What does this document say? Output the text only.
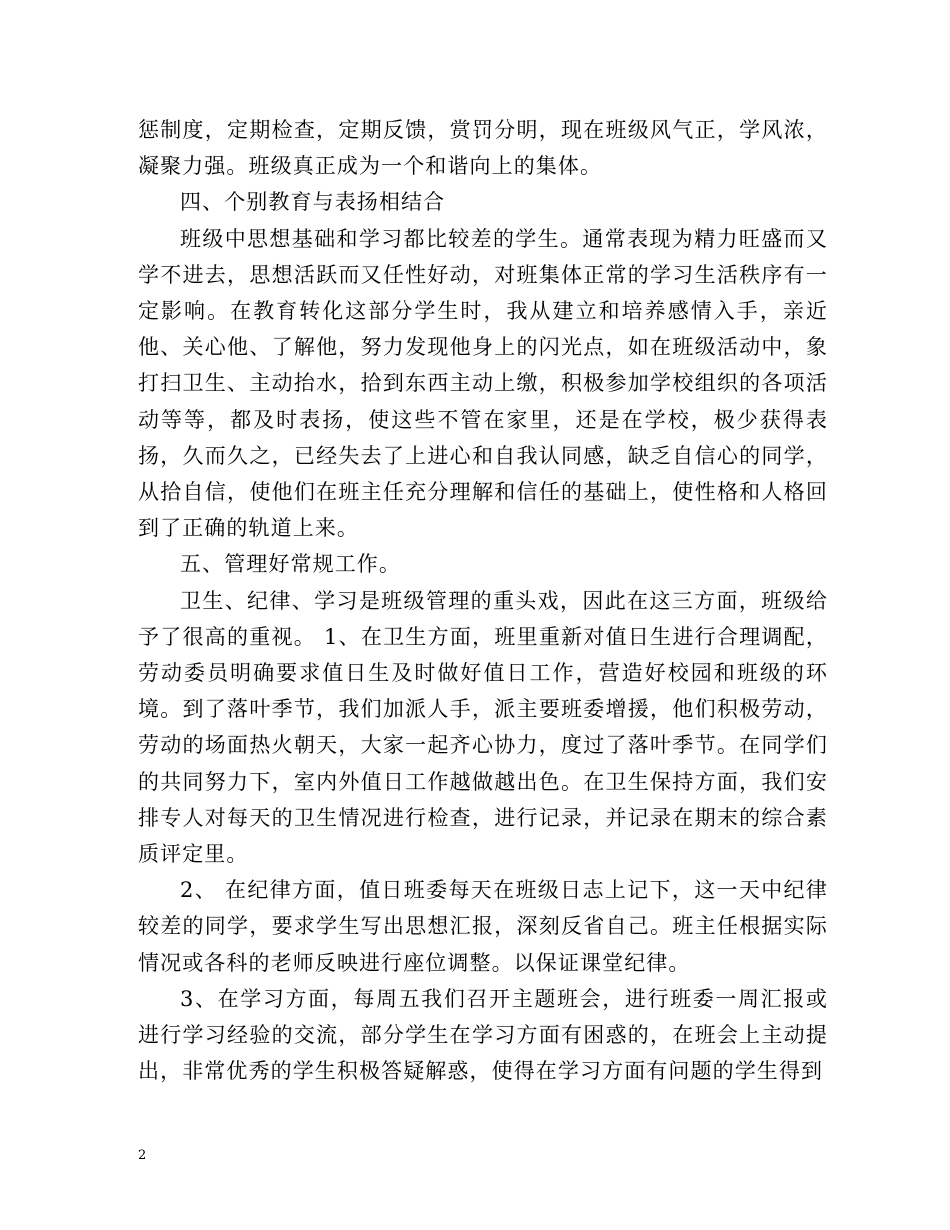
惩制度，定期检查，定期反馈，赏罚分明，现在班级风气正，学风浓，凝聚力强。班级真正成为一个和谐向上的集体。

四、个别教育与表扬相结合

班级中思想基础和学习都比较差的学生。通常表现为精力旺盛而又学不进去，思想活跃而又任性好动，对班集体正常的学习生活秩序有一定影响。在教育转化这部分学生时，我从建立和培养感情入手，亲近他、关心他、了解他，努力发现他身上的闪光点，如在班级活动中，象打扫卫生、主动抬水，拾到东西主动上缴，积极参加学校组织的各项活动等等，都及时表扬，使这些不管在家里，还是在学校，极少获得表扬，久而久之，已经失去了上进心和自我认同感，缺乏自信心的同学，从拾自信，使他们在班主任充分理解和信任的基础上，使性格和人格回到了正确的轨道上来。

五、管理好常规工作。

卫生、纪律、学习是班级管理的重头戏，因此在这三方面，班级给予了很高的重视。 1、在卫生方面，班里重新对值日生进行合理调配，劳动委员明确要求值日生及时做好值日工作，营造好校园和班级的环境。到了落叶季节，我们加派人手，派主要班委增援，他们积极劳动，劳动的场面热火朝天，大家一起齐心协力，度过了落叶季节。在同学们的共同努力下，室内外值日工作越做越出色。在卫生保持方面，我们安排专人对每天的卫生情况进行检查，进行记录，并记录在期末的综合素质评定里。

2、 在纪律方面，值日班委每天在班级日志上记下，这一天中纪律较差的同学，要求学生写出思想汇报，深刻反省自己。班主任根据实际情况或各科的老师反映进行座位调整。以保证课堂纪律。

3、在学习方面，每周五我们召开主题班会，进行班委一周汇报或进行学习经验的交流，部分学生在学习方面有困惑的，在班会上主动提出，非常优秀的学生积极答疑解惑，使得在学习方面有问题的学生得到

2
